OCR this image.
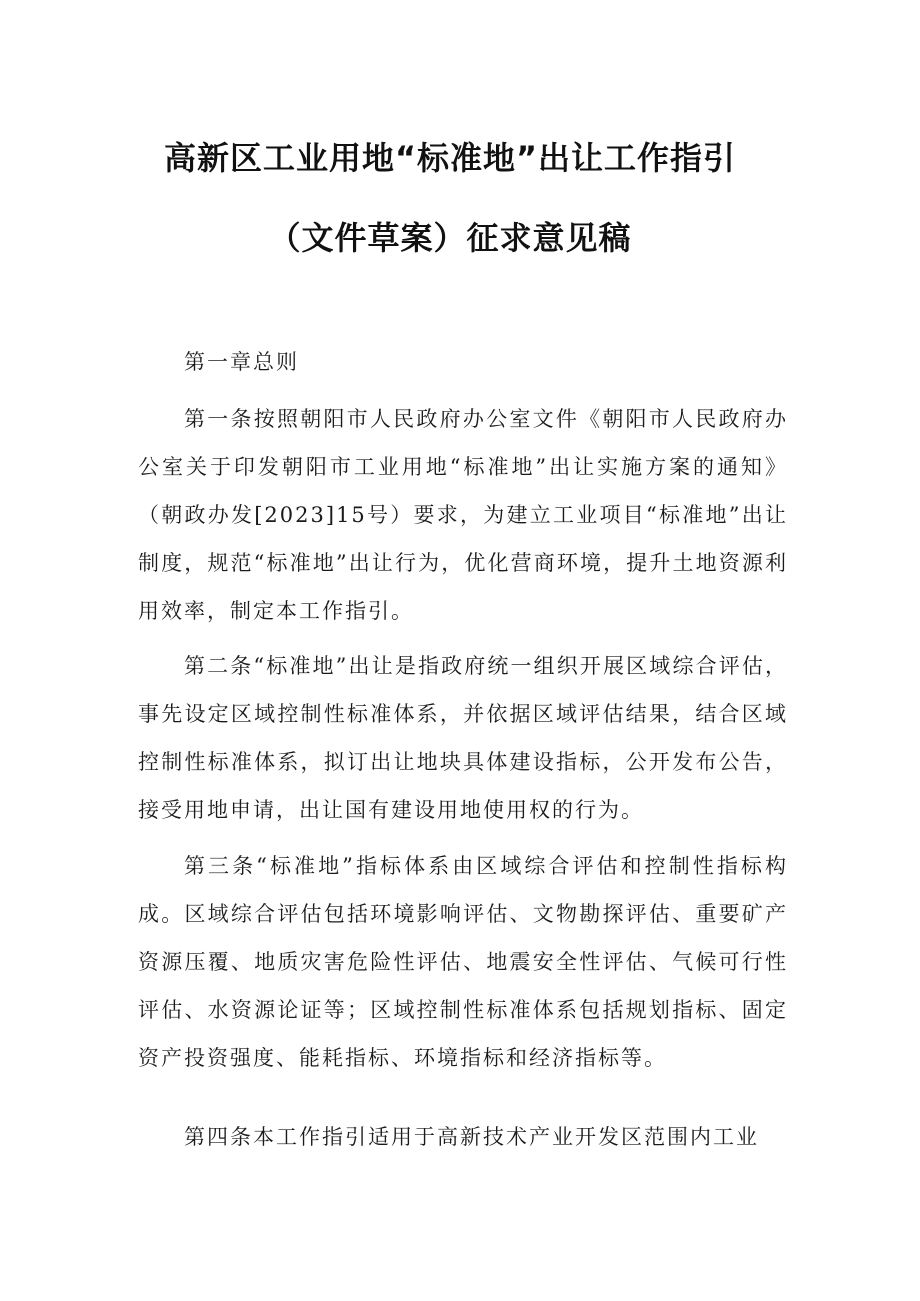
高新区工业用地“标准地”出让工作指引
（文件草案）征求意见稿
第一章总则

第一条按照朝阳市人民政府办公室文件《朝阳市人民政府办公室关于印发朝阳市工业用地“标准地”出让实施方案的通知》（朝政办发[2023]15号）要求，为建立工业项目“标准地”出让制度，规范“标准地”出让行为，优化营商环境，提升土地资源利用效率，制定本工作指引。

第二条“标准地”出让是指政府统一组织开展区域综合评估，事先设定区域控制性标准体系，并依据区域评估结果，结合区域控制性标准体系，拟订出让地块具体建设指标，公开发布公告，接受用地申请，出让国有建设用地使用权的行为。

第三条“标准地”指标体系由区域综合评估和控制性指标构成。区域综合评估包括环境影响评估、文物勘探评估、重要矿产资源压覆、地质灾害危险性评估、地震安全性评估、气候可行性评估、水资源论证等；区域控制性标准体系包括规划指标、固定资产投资强度、能耗指标、环境指标和经济指标等。

第四条本工作指引适用于高新技术产业开发区范围内工业
